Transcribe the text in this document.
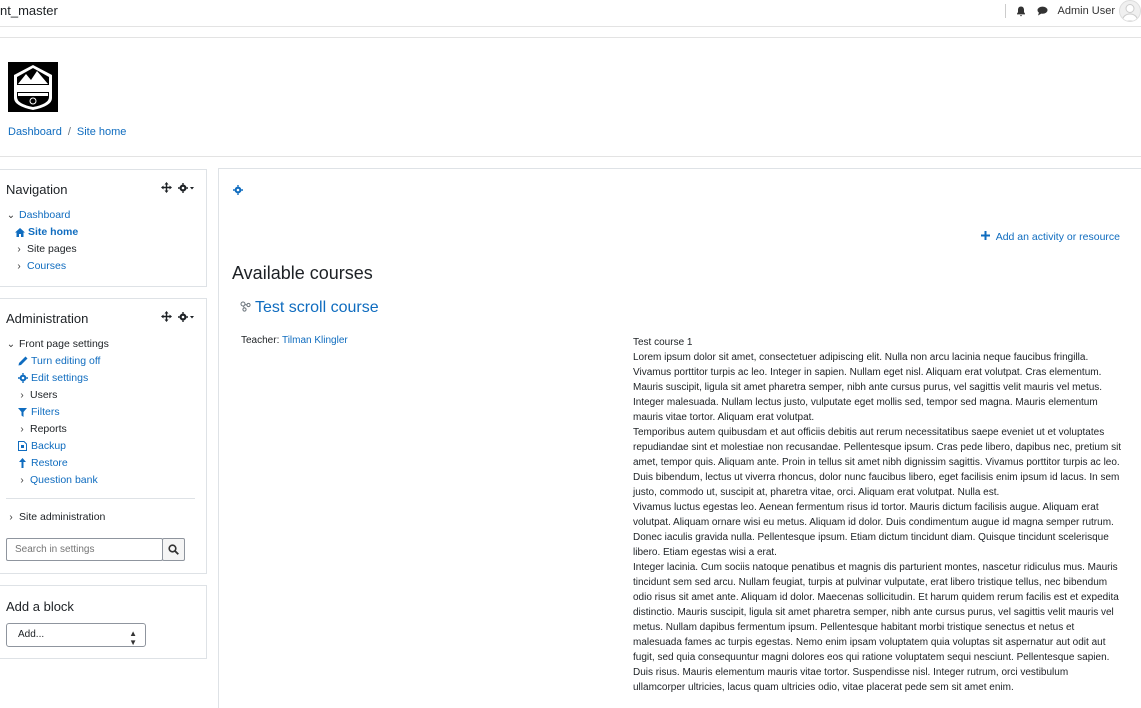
nt_master	Admin User
Dashboard / Site home
Navigation
⌄ Dashboard
Site home
› Site pages
› Courses
Administration
⌄ Front page settings
Turn editing off
Edit settings
› Users
Filters
› Reports
Backup
Restore
› Question bank
› Site administration
Search in settings
Add a block
Add...	▲
▼
Add an activity or resource
Available courses
Test scroll course
Teacher: Tilman Klingler	Test course 1

Lorem ipsum dolor sit amet, consectetuer adipiscing elit. Nulla non arcu lacinia neque faucibus fringilla. Vivamus porttitor turpis ac leo. Integer in sapien. Nullam eget nisl. Aliquam erat volutpat. Cras elementum. Mauris suscipit, ligula sit amet pharetra semper, nibh ante cursus purus, vel sagittis velit mauris vel metus. Integer malesuada. Nullam lectus justo, vulputate eget mollis sed, tempor sed magna. Mauris elementum mauris vitae tortor. Aliquam erat volutpat.

Temporibus autem quibusdam et aut officiis debitis aut rerum necessitatibus saepe eveniet ut et voluptates repudiandae sint et molestiae non recusandae. Pellentesque ipsum. Cras pede libero, dapibus nec, pretium sit amet, tempor quis. Aliquam ante. Proin in tellus sit amet nibh dignissim sagittis. Vivamus porttitor turpis ac leo. Duis bibendum, lectus ut viverra rhoncus, dolor nunc faucibus libero, eget facilisis enim ipsum id lacus. In sem justo, commodo ut, suscipit at, pharetra vitae, orci. Aliquam erat volutpat. Nulla est.

Vivamus luctus egestas leo. Aenean fermentum risus id tortor. Mauris dictum facilisis augue. Aliquam erat volutpat. Aliquam ornare wisi eu metus. Aliquam id dolor. Duis condimentum augue id magna semper rutrum. Donec iaculis gravida nulla. Pellentesque ipsum. Etiam dictum tincidunt diam. Quisque tincidunt scelerisque libero. Etiam egestas wisi a erat.

Integer lacinia. Cum sociis natoque penatibus et magnis dis parturient montes, nascetur ridiculus mus. Mauris tincidunt sem sed arcu. Nullam feugiat, turpis at pulvinar vulputate, erat libero tristique tellus, nec bibendum odio risus sit amet ante. Aliquam id dolor. Maecenas sollicitudin. Et harum quidem rerum facilis est et expedita distinctio. Mauris suscipit, ligula sit amet pharetra semper, nibh ante cursus purus, vel sagittis velit mauris vel metus. Nullam dapibus fermentum ipsum. Pellentesque habitant morbi tristique senectus et netus et malesuada fames ac turpis egestas. Nemo enim ipsam voluptatem quia voluptas sit aspernatur aut odit aut fugit, sed quia consequuntur magni dolores eos qui ratione voluptatem sequi nesciunt. Pellentesque sapien. Duis risus. Mauris elementum mauris vitae tortor. Suspendisse nisl. Integer rutrum, orci vestibulum ullamcorper ultricies, lacus quam ultricies odio, vitae placerat pede sem sit amet enim.
